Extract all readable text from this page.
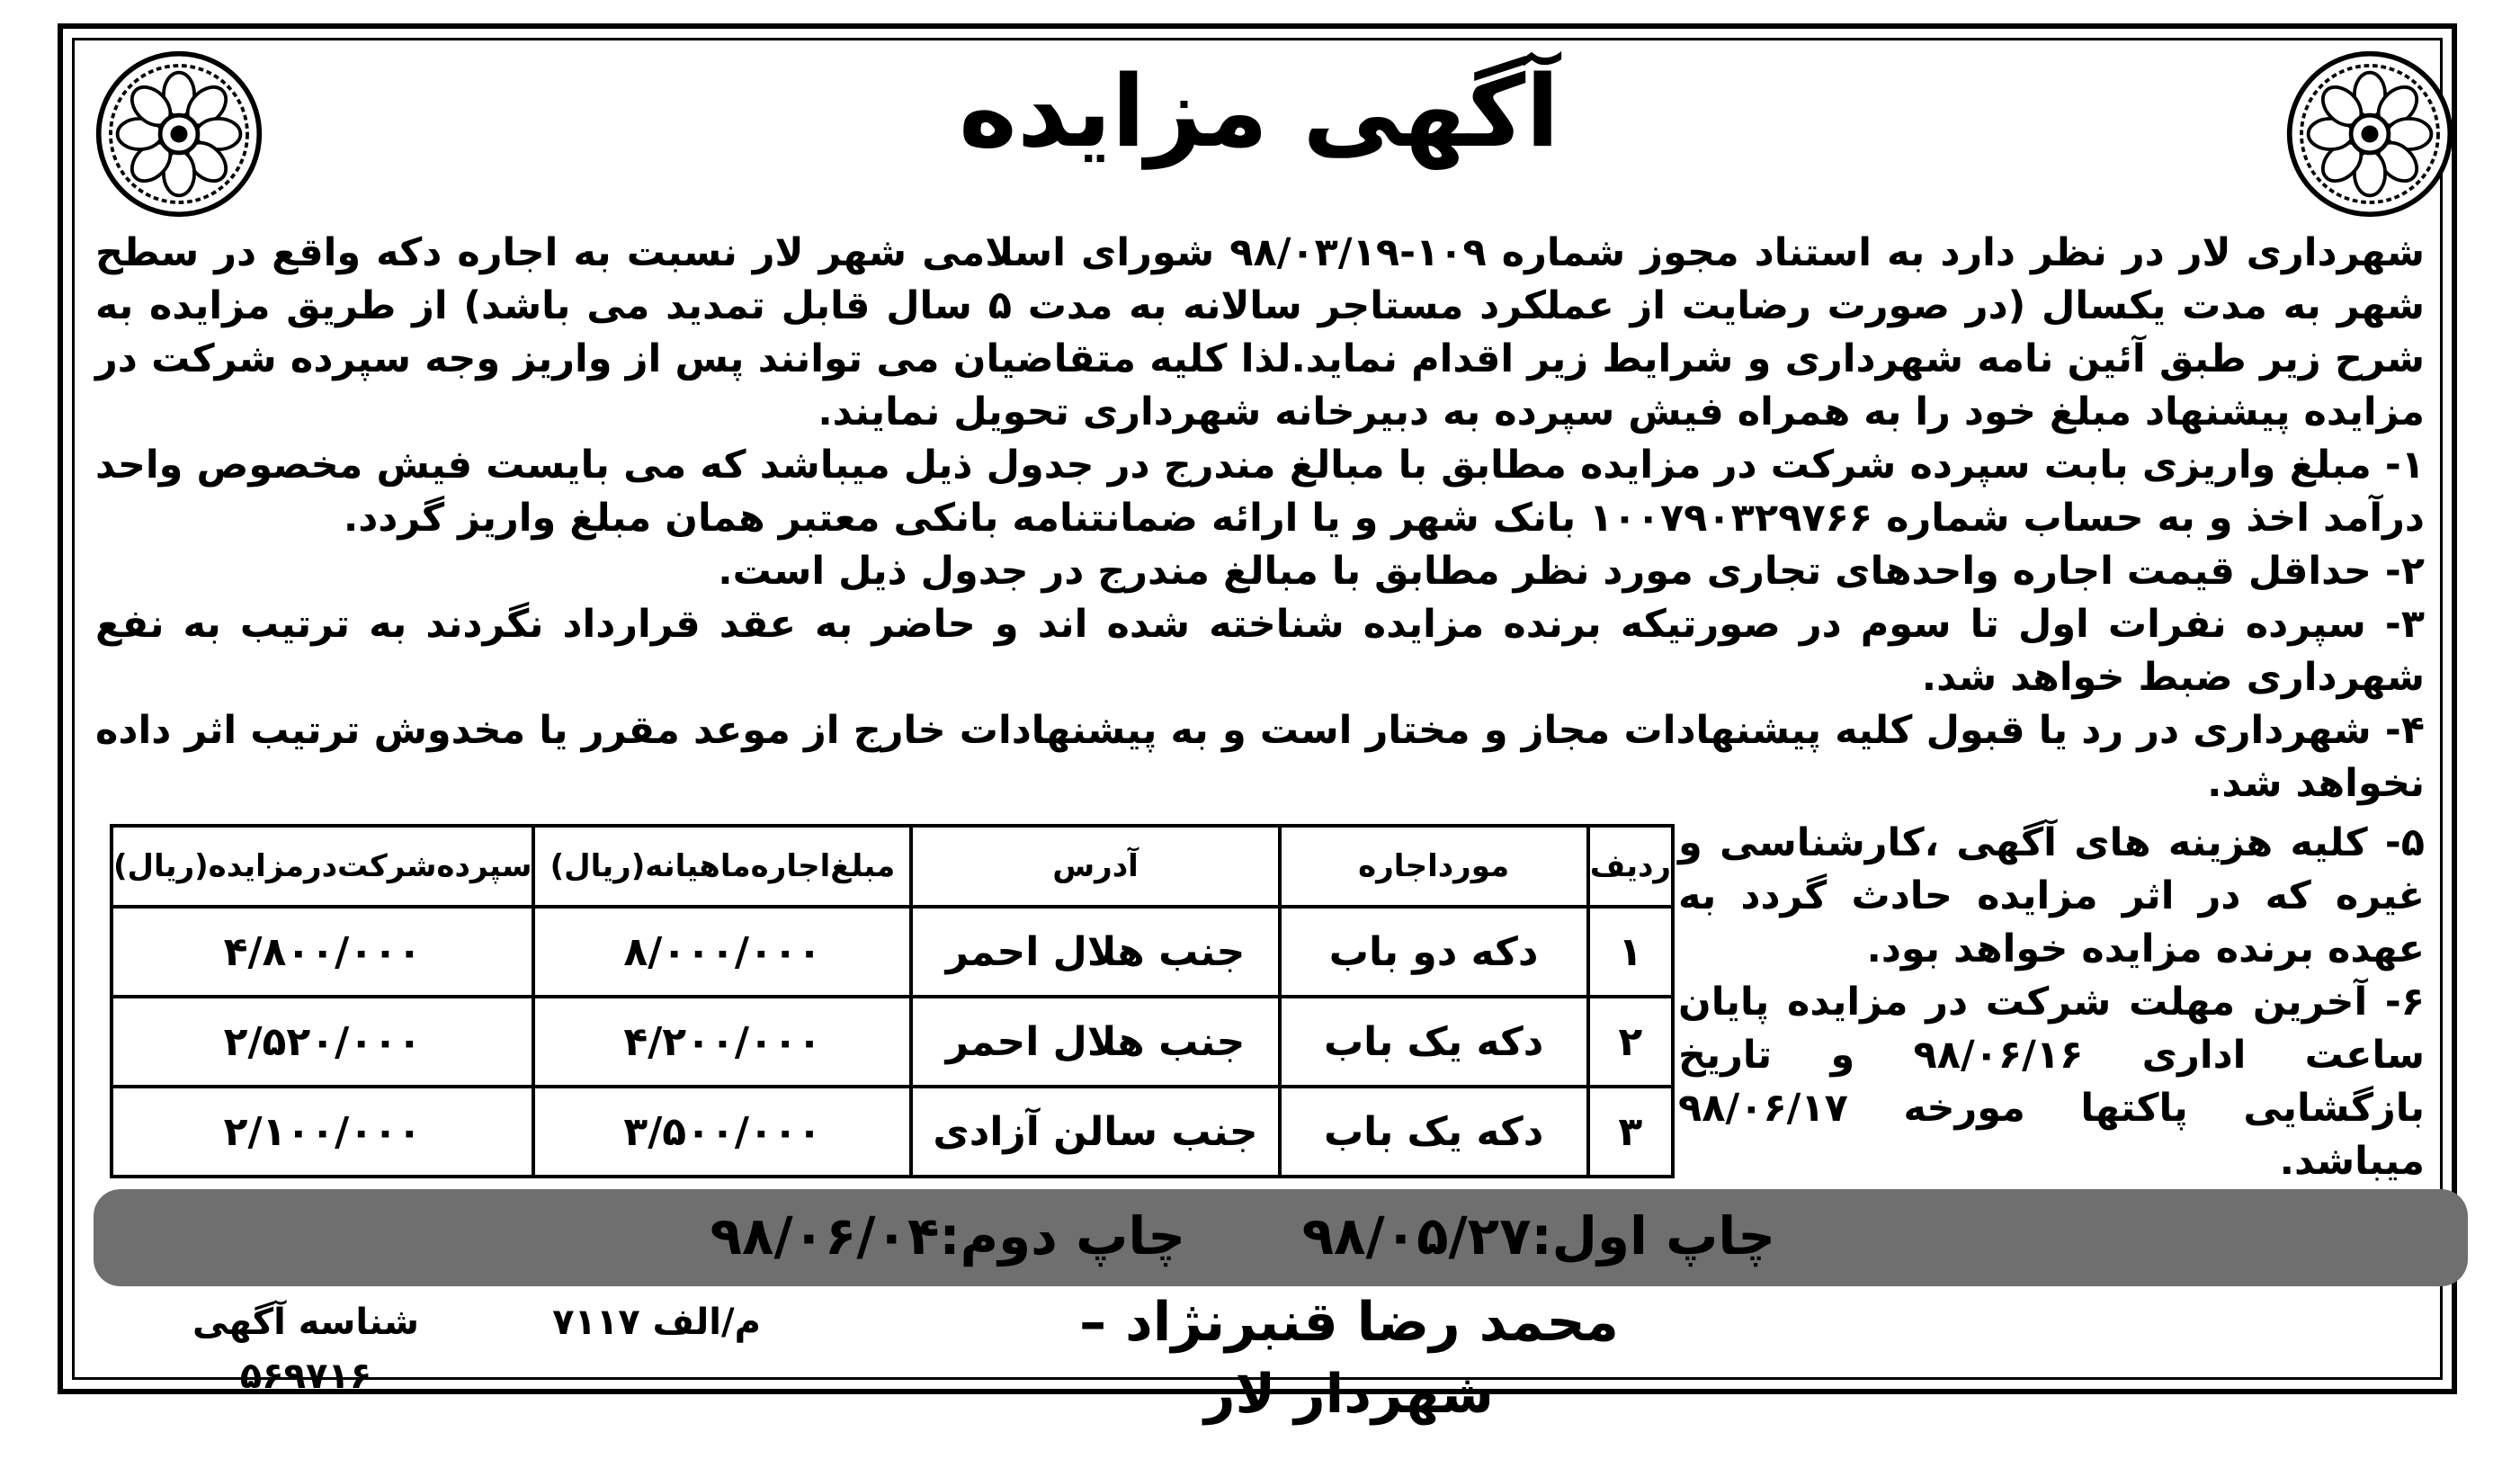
آگهی مزایده

شهرداری لار در نظر دارد به استناد مجوز شماره ۱۰۹-۹۸/۰۳/۱۹ شورای اسلامی شهر لار نسبت به اجاره دکه واقع در سطح شهر به مدت یکسال (در صورت رضایت از عملکرد مستاجر سالانه به مدت ۵ سال قابل تمدید می باشد) از طریق مزایده به شرح زیر طبق آئین نامه شهرداری و شرایط زیر اقدام نماید.لذا کلیه متقاضیان می توانند پس از واریز وجه سپرده شرکت در مزایده پیشنهاد مبلغ خود را به همراه فیش سپرده به دبیرخانه شهرداری تحویل نمایند.

۱- مبلغ واریزی بابت سپرده شرکت در مزایده مطابق با مبالغ مندرج در جدول ذیل میباشد که می بایست فیش مخصوص واحد درآمد اخذ و به حساب شماره ۱۰۰۷۹۰۳۲۹۷۶۶ بانک شهر و یا ارائه ضمانتنامه بانکی معتبر همان مبلغ واریز گردد.

۲- حداقل قیمت اجاره واحدهای تجاری مورد نظر مطابق با مبالغ مندرج در جدول ذیل است.

۳- سپرده نفرات اول تا سوم در صورتیکه برنده مزایده شناخته شده اند و حاضر به عقد قرارداد نگردند به ترتیب به نفع شهرداری ضبط خواهد شد.

۴- شهرداری در رد یا قبول کلیه پیشنهادات مجاز و مختار است و به پیشنهادات خارج از موعد مقرر یا مخدوش ترتیب اثر داده نخواهد شد.

۵- کلیه هزینه های آگهی ،کارشناسی و غیره که در اثر مزایده حادث گردد به عهده برنده مزایده خواهد بود.

۶- آخرین مهلت شرکت در مزایده پایان ساعت اداری ۹۸/۰۶/۱۶ و تاریخ بازگشایی پاکتها مورخه ۹۸/۰۶/۱۷ میباشد.

ردیف	مورداجاره	آدرس	مبلغ‌اجاره‌ماهیانه(ریال)	سپرده‌شرکت‌در‌مزایده(ریال)
۱	دکه دو باب	جنب هلال احمر	۸/۰۰۰/۰۰۰	۴/۸۰۰/۰۰۰
۲	دکه یک باب	جنب هلال احمر	۴/۲۰۰/۰۰۰	۲/۵۲۰/۰۰۰
۳	دکه یک باب	جنب سالن آزادی	۳/۵۰۰/۰۰۰	۲/۱۰۰/۰۰۰
چاپ اول:۹۸/۰۵/۲۷
چاپ دوم:۹۸/۰۶/۰۴
محمد رضا قنبرنژاد – شهردار لار
م/الف ۷۱۱۷
شناسه آگهی ۵۶۹۷۱۶
